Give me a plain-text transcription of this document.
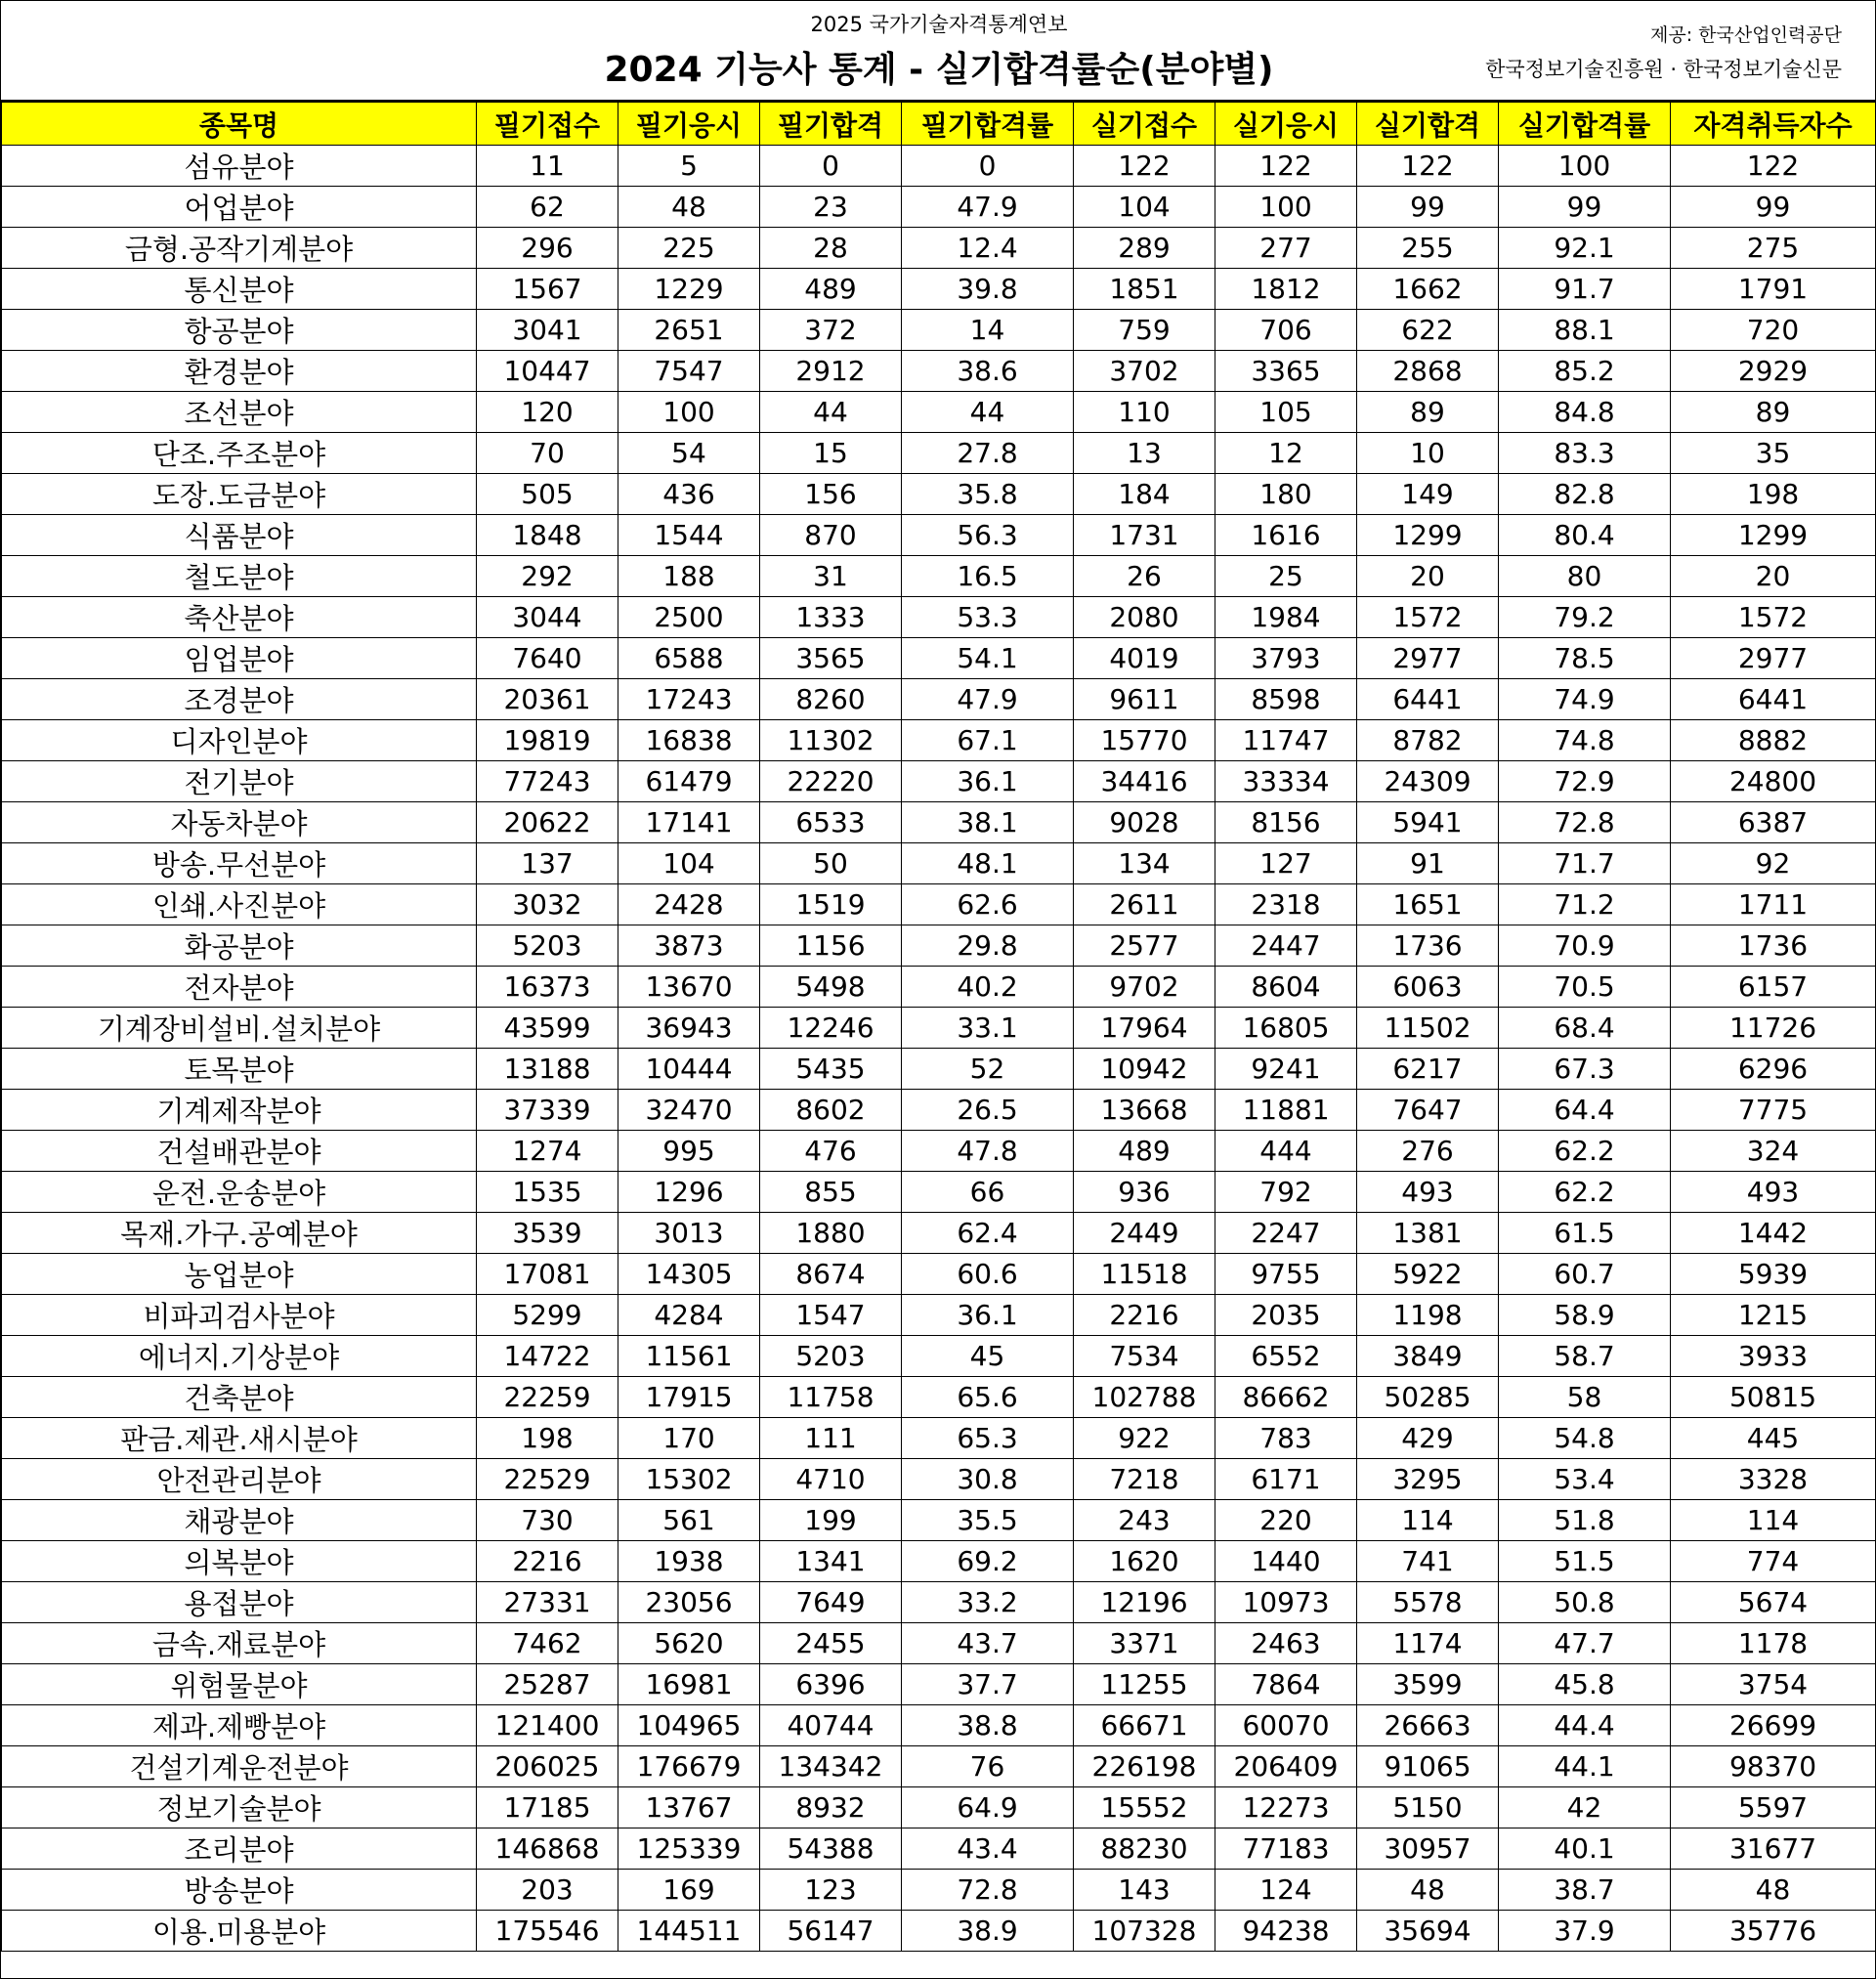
2025 국가기술자격통계연보
2024 기능사 통계 - 실기합격률순(분야별)
제공: 한국산업인력공단
한국정보기술진흥원 · 한국정보기술신문
종목명	필기접수	필기응시	필기합격	필기합격률	실기접수	실기응시	실기합격	실기합격률	자격취득자수
섬유분야	11	5	0	0	122	122	122	100	122
어업분야	62	48	23	47.9	104	100	99	99	99
금형.공작기계분야	296	225	28	12.4	289	277	255	92.1	275
통신분야	1567	1229	489	39.8	1851	1812	1662	91.7	1791
항공분야	3041	2651	372	14	759	706	622	88.1	720
환경분야	10447	7547	2912	38.6	3702	3365	2868	85.2	2929
조선분야	120	100	44	44	110	105	89	84.8	89
단조.주조분야	70	54	15	27.8	13	12	10	83.3	35
도장.도금분야	505	436	156	35.8	184	180	149	82.8	198
식품분야	1848	1544	870	56.3	1731	1616	1299	80.4	1299
철도분야	292	188	31	16.5	26	25	20	80	20
축산분야	3044	2500	1333	53.3	2080	1984	1572	79.2	1572
임업분야	7640	6588	3565	54.1	4019	3793	2977	78.5	2977
조경분야	20361	17243	8260	47.9	9611	8598	6441	74.9	6441
디자인분야	19819	16838	11302	67.1	15770	11747	8782	74.8	8882
전기분야	77243	61479	22220	36.1	34416	33334	24309	72.9	24800
자동차분야	20622	17141	6533	38.1	9028	8156	5941	72.8	6387
방송.무선분야	137	104	50	48.1	134	127	91	71.7	92
인쇄.사진분야	3032	2428	1519	62.6	2611	2318	1651	71.2	1711
화공분야	5203	3873	1156	29.8	2577	2447	1736	70.9	1736
전자분야	16373	13670	5498	40.2	9702	8604	6063	70.5	6157
기계장비설비.설치분야	43599	36943	12246	33.1	17964	16805	11502	68.4	11726
토목분야	13188	10444	5435	52	10942	9241	6217	67.3	6296
기계제작분야	37339	32470	8602	26.5	13668	11881	7647	64.4	7775
건설배관분야	1274	995	476	47.8	489	444	276	62.2	324
운전.운송분야	1535	1296	855	66	936	792	493	62.2	493
목재.가구.공예분야	3539	3013	1880	62.4	2449	2247	1381	61.5	1442
농업분야	17081	14305	8674	60.6	11518	9755	5922	60.7	5939
비파괴검사분야	5299	4284	1547	36.1	2216	2035	1198	58.9	1215
에너지.기상분야	14722	11561	5203	45	7534	6552	3849	58.7	3933
건축분야	22259	17915	11758	65.6	102788	86662	50285	58	50815
판금.제관.새시분야	198	170	111	65.3	922	783	429	54.8	445
안전관리분야	22529	15302	4710	30.8	7218	6171	3295	53.4	3328
채광분야	730	561	199	35.5	243	220	114	51.8	114
의복분야	2216	1938	1341	69.2	1620	1440	741	51.5	774
용접분야	27331	23056	7649	33.2	12196	10973	5578	50.8	5674
금속.재료분야	7462	5620	2455	43.7	3371	2463	1174	47.7	1178
위험물분야	25287	16981	6396	37.7	11255	7864	3599	45.8	3754
제과.제빵분야	121400	104965	40744	38.8	66671	60070	26663	44.4	26699
건설기계운전분야	206025	176679	134342	76	226198	206409	91065	44.1	98370
정보기술분야	17185	13767	8932	64.9	15552	12273	5150	42	5597
조리분야	146868	125339	54388	43.4	88230	77183	30957	40.1	31677
방송분야	203	169	123	72.8	143	124	48	38.7	48
이용.미용분야	175546	144511	56147	38.9	107328	94238	35694	37.9	35776
